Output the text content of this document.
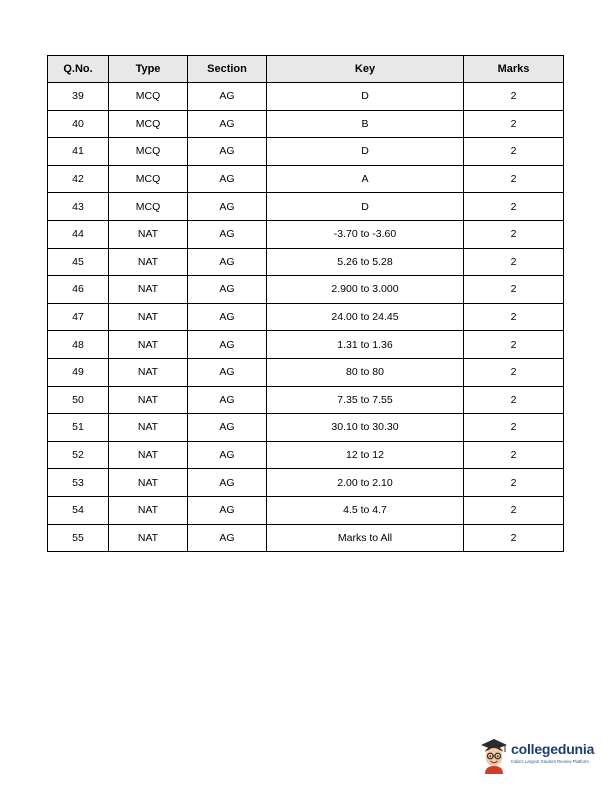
Q.No.	Type	Section	Key	Marks
39	MCQ	AG	D	2
40	MCQ	AG	B	2
41	MCQ	AG	D	2
42	MCQ	AG	A	2
43	MCQ	AG	D	2
44	NAT	AG	-3.70 to -3.60	2
45	NAT	AG	5.26 to 5.28	2
46	NAT	AG	2.900 to 3.000	2
47	NAT	AG	24.00 to 24.45	2
48	NAT	AG	1.31 to 1.36	2
49	NAT	AG	80 to 80	2
50	NAT	AG	7.35 to 7.55	2
51	NAT	AG	30.10 to 30.30	2
52	NAT	AG	12 to 12	2
53	NAT	AG	2.00 to 2.10	2
54	NAT	AG	4.5 to 4.7	2
55	NAT	AG	Marks to All	2
collegedunia
India's Largest Student Review Platform
